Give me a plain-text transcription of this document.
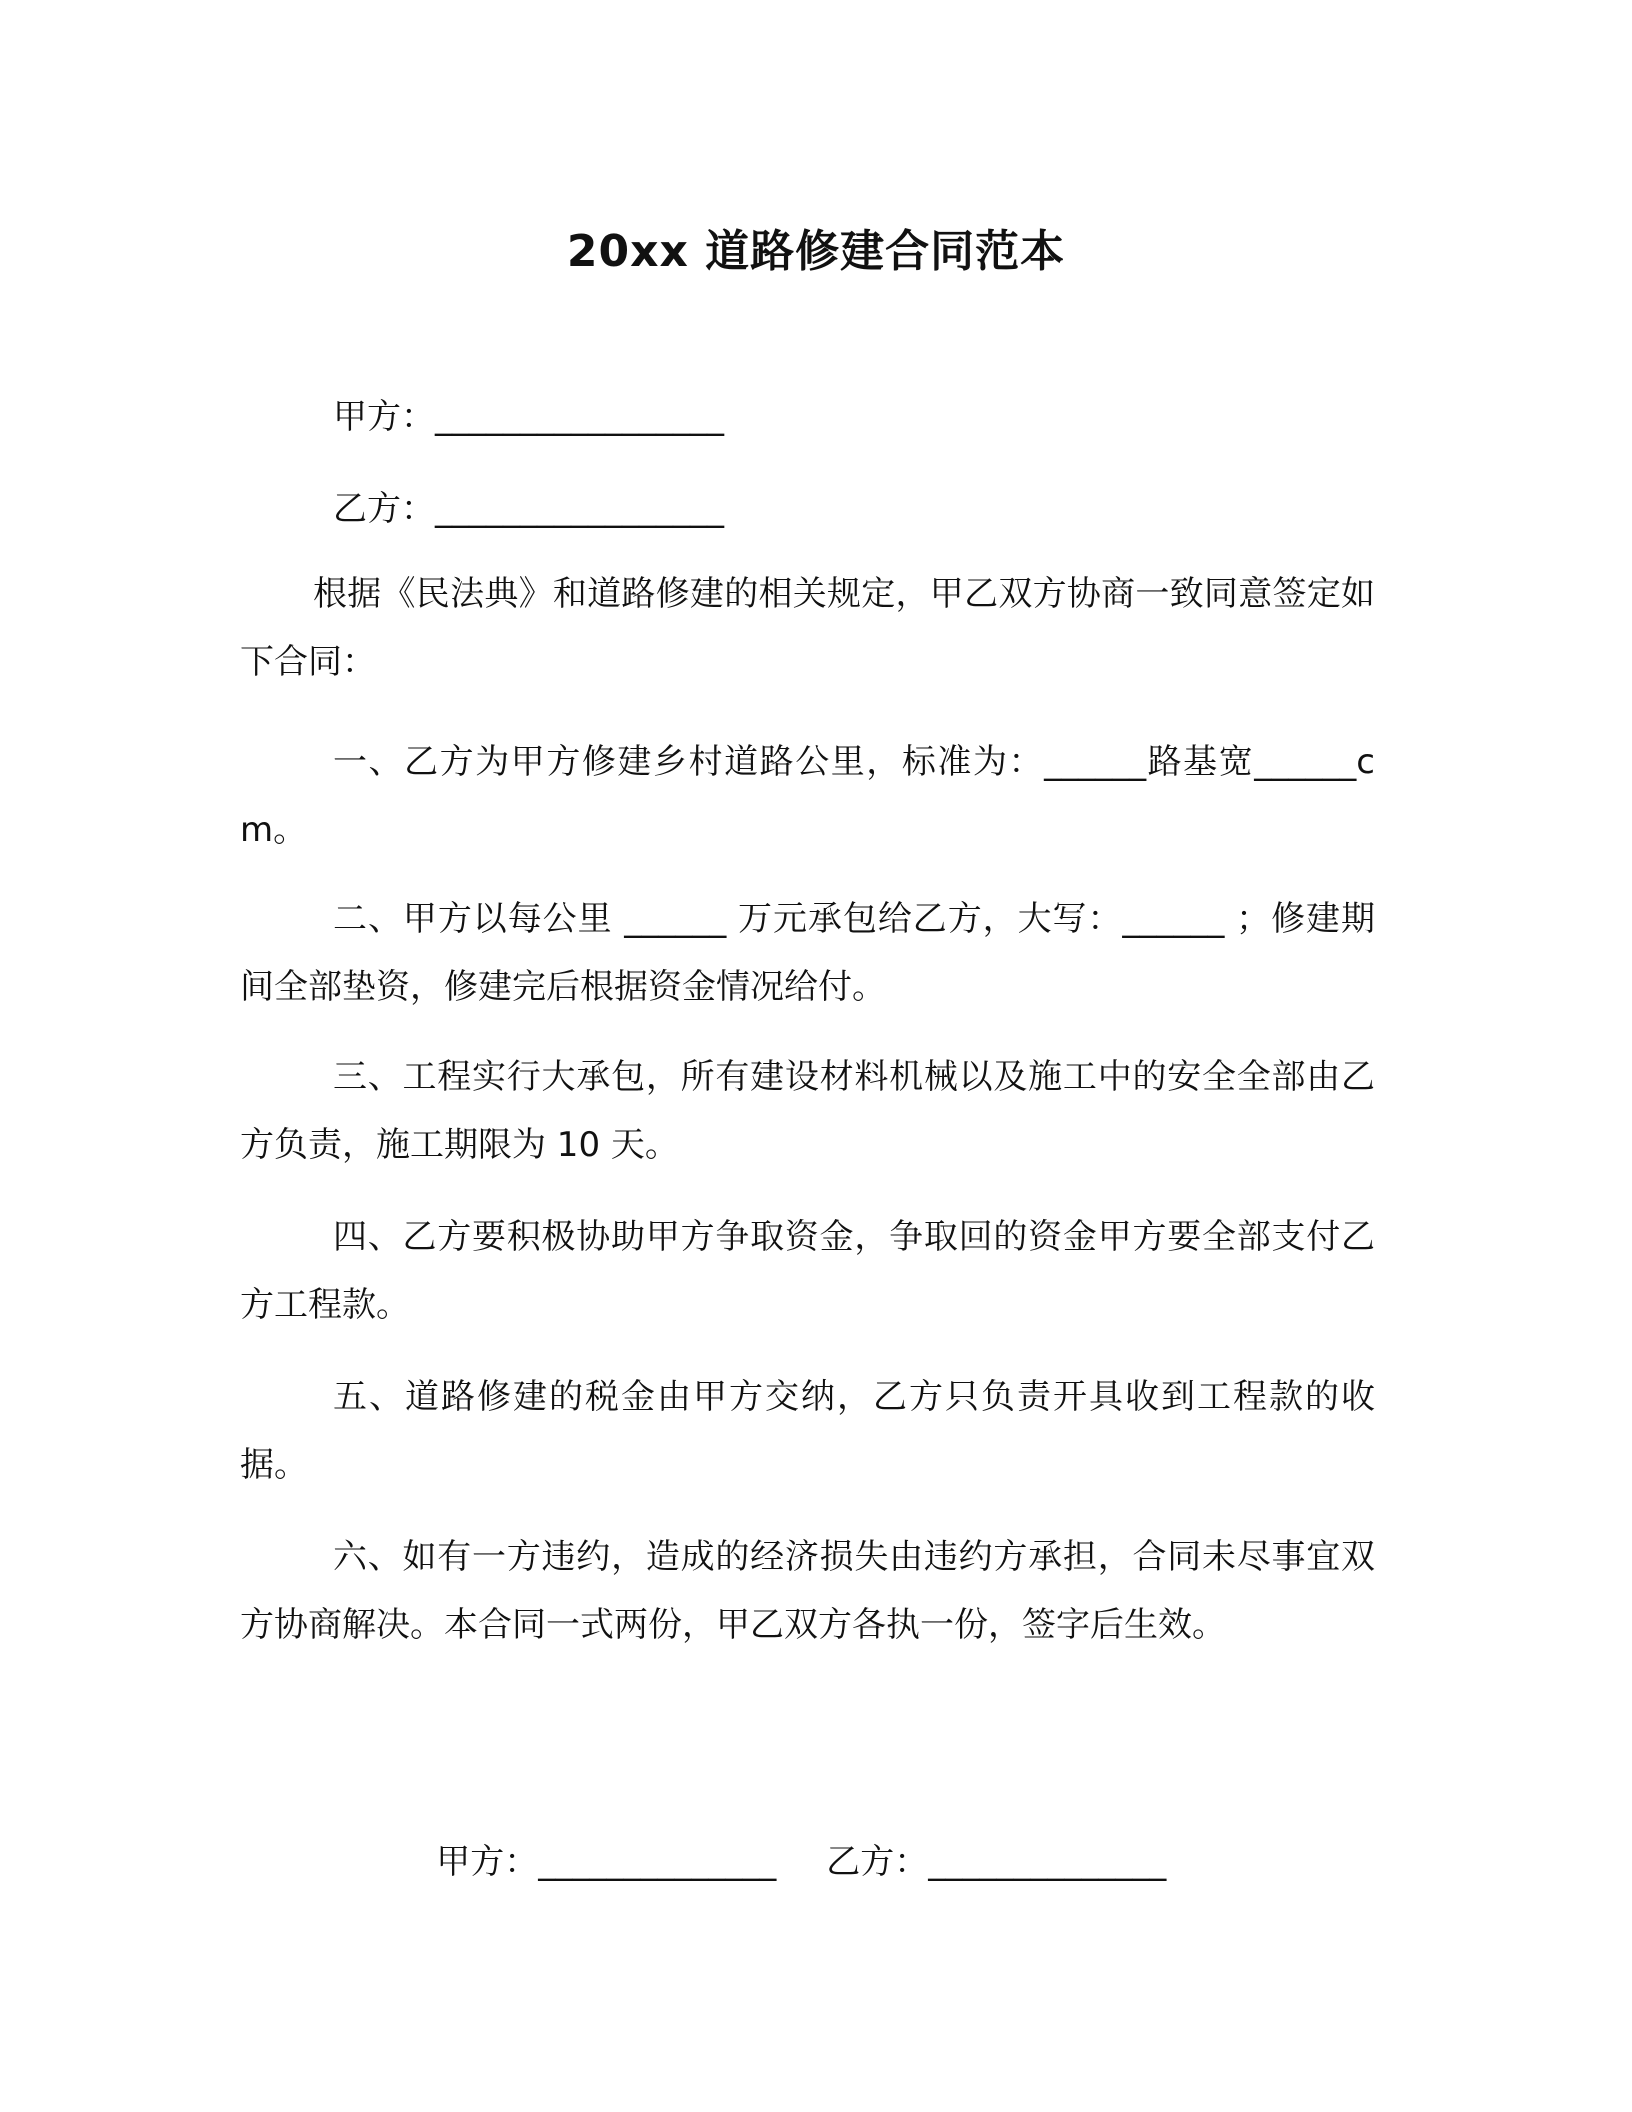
20xx 道路修建合同范本
甲方：_________________
乙方：_________________
根据《民法典》和道路修建的相关规定，甲乙双方协商一致同意签定如下合同：
一、乙方为甲方修建乡村道路公里，标准为：______路基宽______cm。
二、甲方以每公里 ______ 万元承包给乙方，大写：______ ；修建期间全部垫资，修建完后根据资金情况给付。
三、工程实行大承包，所有建设材料机械以及施工中的安全全部由乙方负责，施工期限为 10 天。
四、乙方要积极协助甲方争取资金，争取回的资金甲方要全部支付乙方工程款。
五、道路修建的税金由甲方交纳，乙方只负责开具收到工程款的收据。
六、如有一方违约，造成的经济损失由违约方承担，合同未尽事宜双方协商解决。本合同一式两份，甲乙双方各执一份，签字后生效。

甲方：______________ 乙方：______________
